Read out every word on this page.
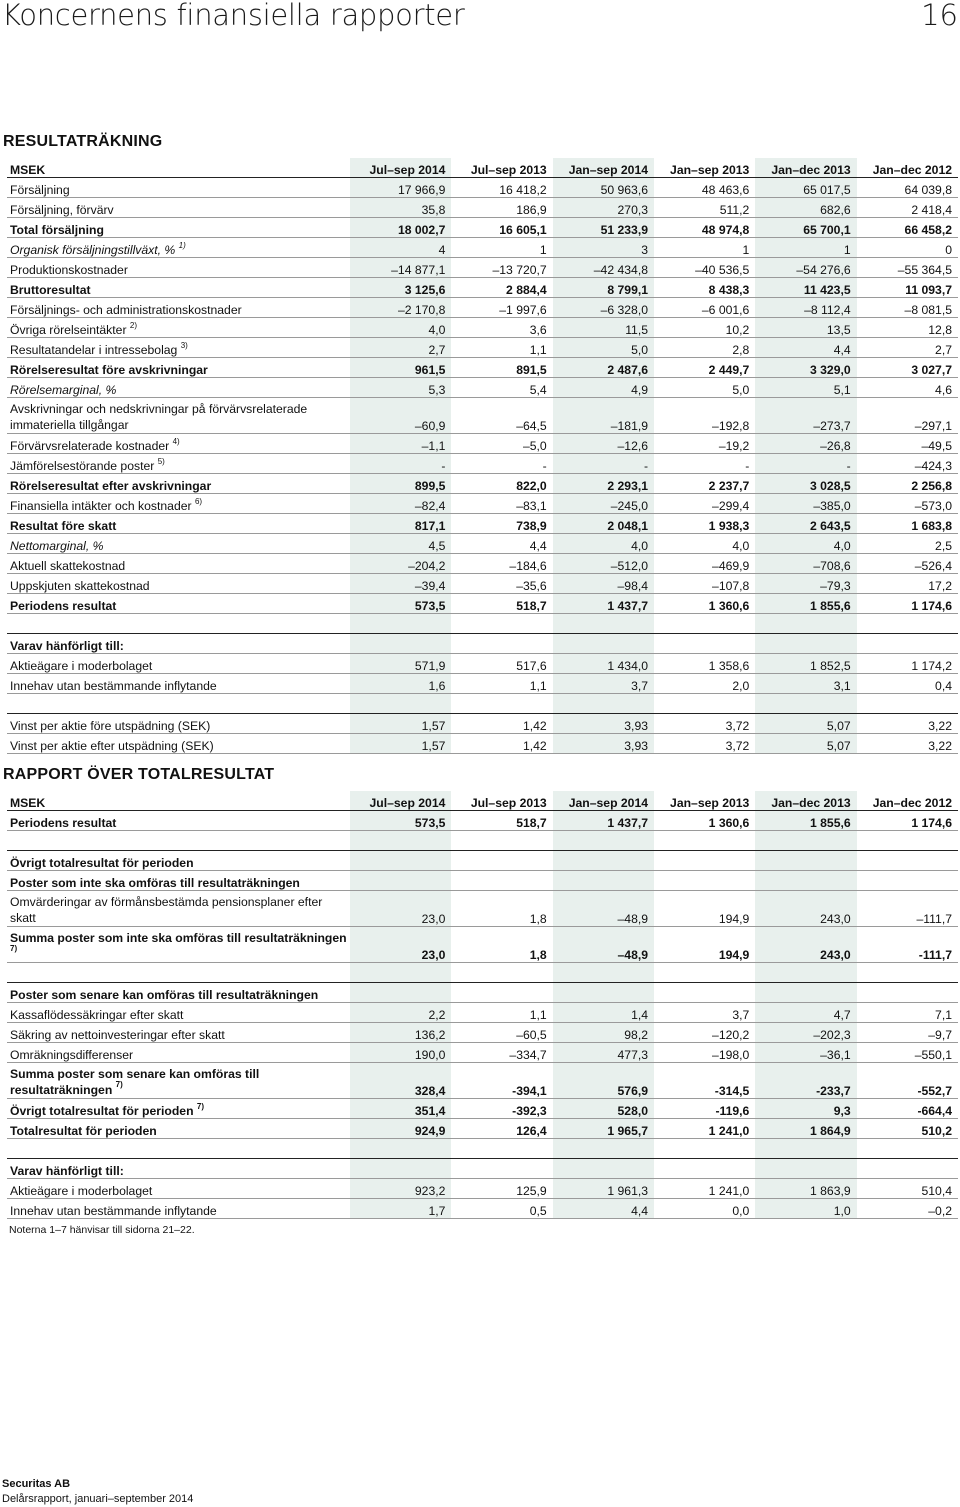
Koncernens finansiella rapporter	16
RESULTATRÄKNING
MSEK	Jul–sep 2014	Jul–sep 2013	Jan–sep 2014	Jan–sep 2013	Jan–dec 2013	Jan–dec 2012
Försäljning	17 966,9	16 418,2	50 963,6	48 463,6	65 017,5	64 039,8
Försäljning, förvärv	35,8	186,9	270,3	511,2	682,6	2 418,4
Total försäljning	18 002,7	16 605,1	51 233,9	48 974,8	65 700,1	66 458,2
Organisk försäljningstillväxt, % $^{1)}$	4	1	3	1	1	0
Produktionskostnader	–14 877,1	–13 720,7	–42 434,8	–40 536,5	–54 276,6	–55 364,5
Bruttoresultat	3 125,6	2 884,4	8 799,1	8 438,3	11 423,5	11 093,7
Försäljnings- och administrationskostnader	–2 170,8	–1 997,6	–6 328,0	–6 001,6	–8 112,4	–8 081,5
Övriga rörelseintäkter $^{2)}$	4,0	3,6	11,5	10,2	13,5	12,8
Resultatandelar i intressebolag $^{3)}$	2,7	1,1	5,0	2,8	4,4	2,7
Rörelseresultat före avskrivningar	961,5	891,5	2 487,6	2 449,7	3 329,0	3 027,7
Rörelsemarginal, %	5,3	5,4	4,9	5,0	5,1	4,6
Avskrivningar och nedskrivningar på förvärvsrelaterade immateriella tillgångar	–60,9	–64,5	–181,9	–192,8	–273,7	–297,1
Förvärvsrelaterade kostnader $^{4)}$	–1,1	–5,0	–12,6	–19,2	–26,8	–49,5
Jämförelsestörande poster $^{5)}$	-	-	-	-	-	–424,3
Rörelseresultat efter avskrivningar	899,5	822,0	2 293,1	2 237,7	3 028,5	2 256,8
Finansiella intäkter och kostnader $^{6)}$	–82,4	–83,1	–245,0	–299,4	–385,0	–573,0
Resultat före skatt	817,1	738,9	2 048,1	1 938,3	2 643,5	1 683,8
Nettomarginal, %	4,5	4,4	4,0	4,0	4,0	2,5
Aktuell skattekostnad	–204,2	–184,6	–512,0	–469,9	–708,6	–526,4
Uppskjuten skattekostnad	–39,4	–35,6	–98,4	–107,8	–79,3	17,2
Periodens resultat	573,5	518,7	1 437,7	1 360,6	1 855,6	1 174,6

Varav hänförligt till:						
Aktieägare i moderbolaget	571,9	517,6	1 434,0	1 358,6	1 852,5	1 174,2
Innehav utan bestämmande inflytande	1,6	1,1	3,7	2,0	3,1	0,4

Vinst per aktie före utspädning (SEK)	1,57	1,42	3,93	3,72	5,07	3,22
Vinst per aktie efter utspädning (SEK)	1,57	1,42	3,93	3,72	5,07	3,22
RAPPORT ÖVER TOTALRESULTAT
MSEK	Jul–sep 2014	Jul–sep 2013	Jan–sep 2014	Jan–sep 2013	Jan–dec 2013	Jan–dec 2012
Periodens resultat	573,5	518,7	1 437,7	1 360,6	1 855,6	1 174,6

Övrigt totalresultat för perioden						
Poster som inte ska omföras till resultaträkningen						
Omvärderingar av förmånsbestämda pensionsplaner efter skatt	23,0	1,8	–48,9	194,9	243,0	–111,7
Summa poster som inte ska omföras till resultaträkningen $^{7)}$	23,0	1,8	–48,9	194,9	243,0	-111,7

Poster som senare kan omföras till resultaträkningen						
Kassaflödessäkringar efter skatt	2,2	1,1	1,4	3,7	4,7	7,1
Säkring av nettoinvesteringar efter skatt	136,2	–60,5	98,2	–120,2	–202,3	–9,7
Omräkningsdifferenser	190,0	–334,7	477,3	–198,0	–36,1	–550,1
Summa poster som senare kan omföras till resultaträkningen $^{7)}$	328,4	-394,1	576,9	-314,5	-233,7	-552,7
Övrigt totalresultat för perioden $^{7)}$	351,4	-392,3	528,0	-119,6	9,3	-664,4
Totalresultat för perioden	924,9	126,4	1 965,7	1 241,0	1 864,9	510,2

Varav hänförligt till:						
Aktieägare i moderbolaget	923,2	125,9	1 961,3	1 241,0	1 863,9	510,4
Innehav utan bestämmande inflytande	1,7	0,5	4,4	0,0	1,0	–0,2
Noterna 1–7 hänvisar till sidorna 21–22.
Securitas AB
Delårsrapport, januari–september 2014
